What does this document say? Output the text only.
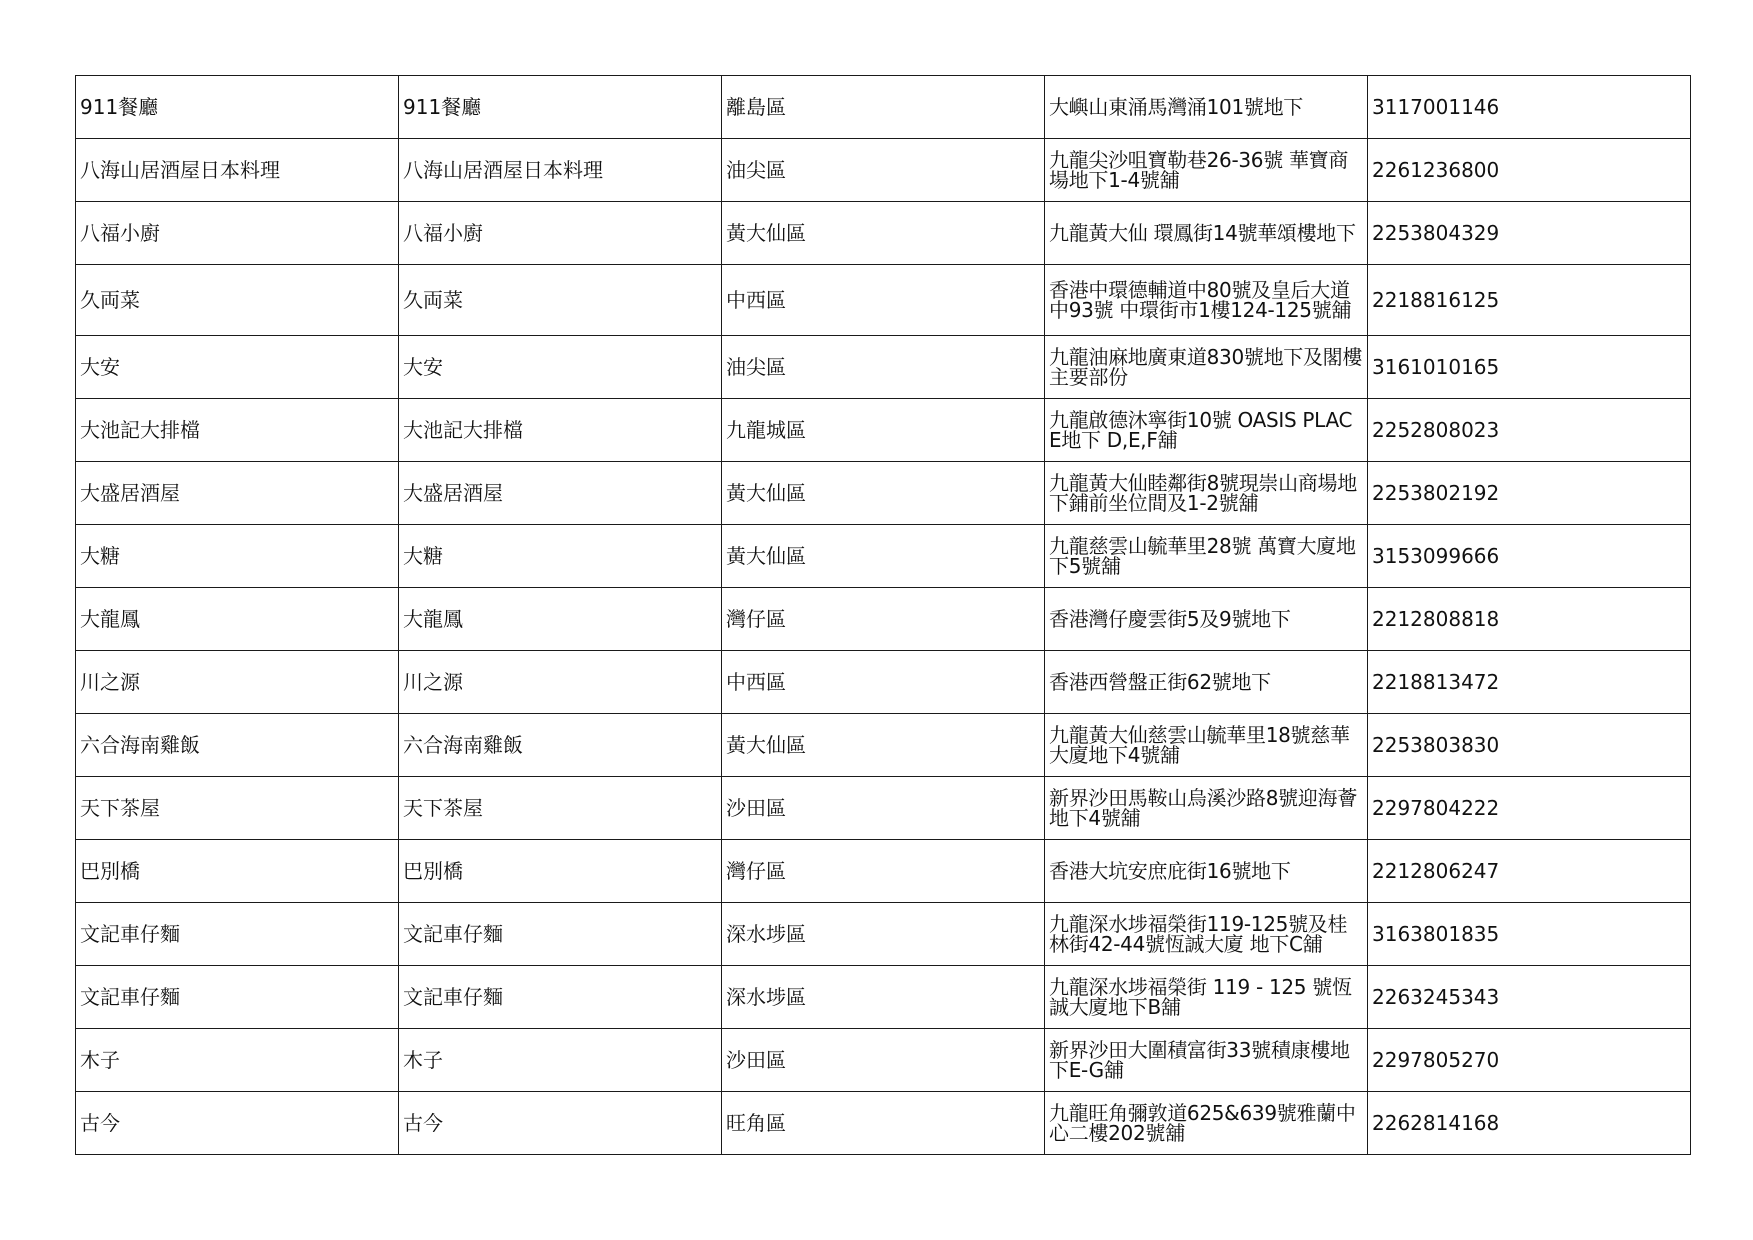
911餐廳	911餐廳	離島區	大嶼山東涌馬灣涌101號地下	3117001146
八海山居酒屋日本料理	八海山居酒屋日本料理	油尖區	九龍尖沙咀寶勒巷26-36號 華寶商場地下1-4號舖	2261236800
八福小廚	八福小廚	黃大仙區	九龍黃大仙 環鳳街14號華頌樓地下	2253804329
久両菜	久両菜	中西區	香港中環德輔道中80號及皇后大道中93號 中環街市1樓124-125號舖	2218816125
大安	大安	油尖區	九龍油麻地廣東道830號地下及閣樓主要部份	3161010165
大池記大排檔	大池記大排檔	九龍城區	九龍啟德沐寧街10號 OASIS PLACE地下 D,E,F舖	2252808023
大盛居酒屋	大盛居酒屋	黃大仙區	九龍黃大仙睦鄰街8號現崇山商場地下鋪前坐位間及1-2號舖	2253802192
大糖	大糖	黃大仙區	九龍慈雲山毓華里28號 萬寶大廈地下5號舖	3153099666
大龍鳳	大龍鳳	灣仔區	香港灣仔慶雲街5及9號地下	2212808818
川之源	川之源	中西區	香港西營盤正街62號地下	2218813472
六合海南雞飯	六合海南雞飯	黃大仙區	九龍黃大仙慈雲山毓華里18號慈華大廈地下4號舖	2253803830
天下茶屋	天下茶屋	沙田區	新界沙田馬鞍山烏溪沙路8號迎海薈地下4號舖	2297804222
巴別橋	巴別橋	灣仔區	香港大坑安庶庇街16號地下	2212806247
文記車仔麵	文記車仔麵	深水埗區	九龍深水埗福榮街119-125號及桂林街42-44號恆誠大廈 地下C舖	3163801835
文記車仔麵	文記車仔麵	深水埗區	九龍深水埗福榮街 119 - 125 號恆誠大廈地下B舖	2263245343
木子	木子	沙田區	新界沙田大圍積富街33號積康樓地下E-G舖	2297805270
古今	古今	旺角區	九龍旺角彌敦道625&639號雅蘭中心二樓202號舖	2262814168
